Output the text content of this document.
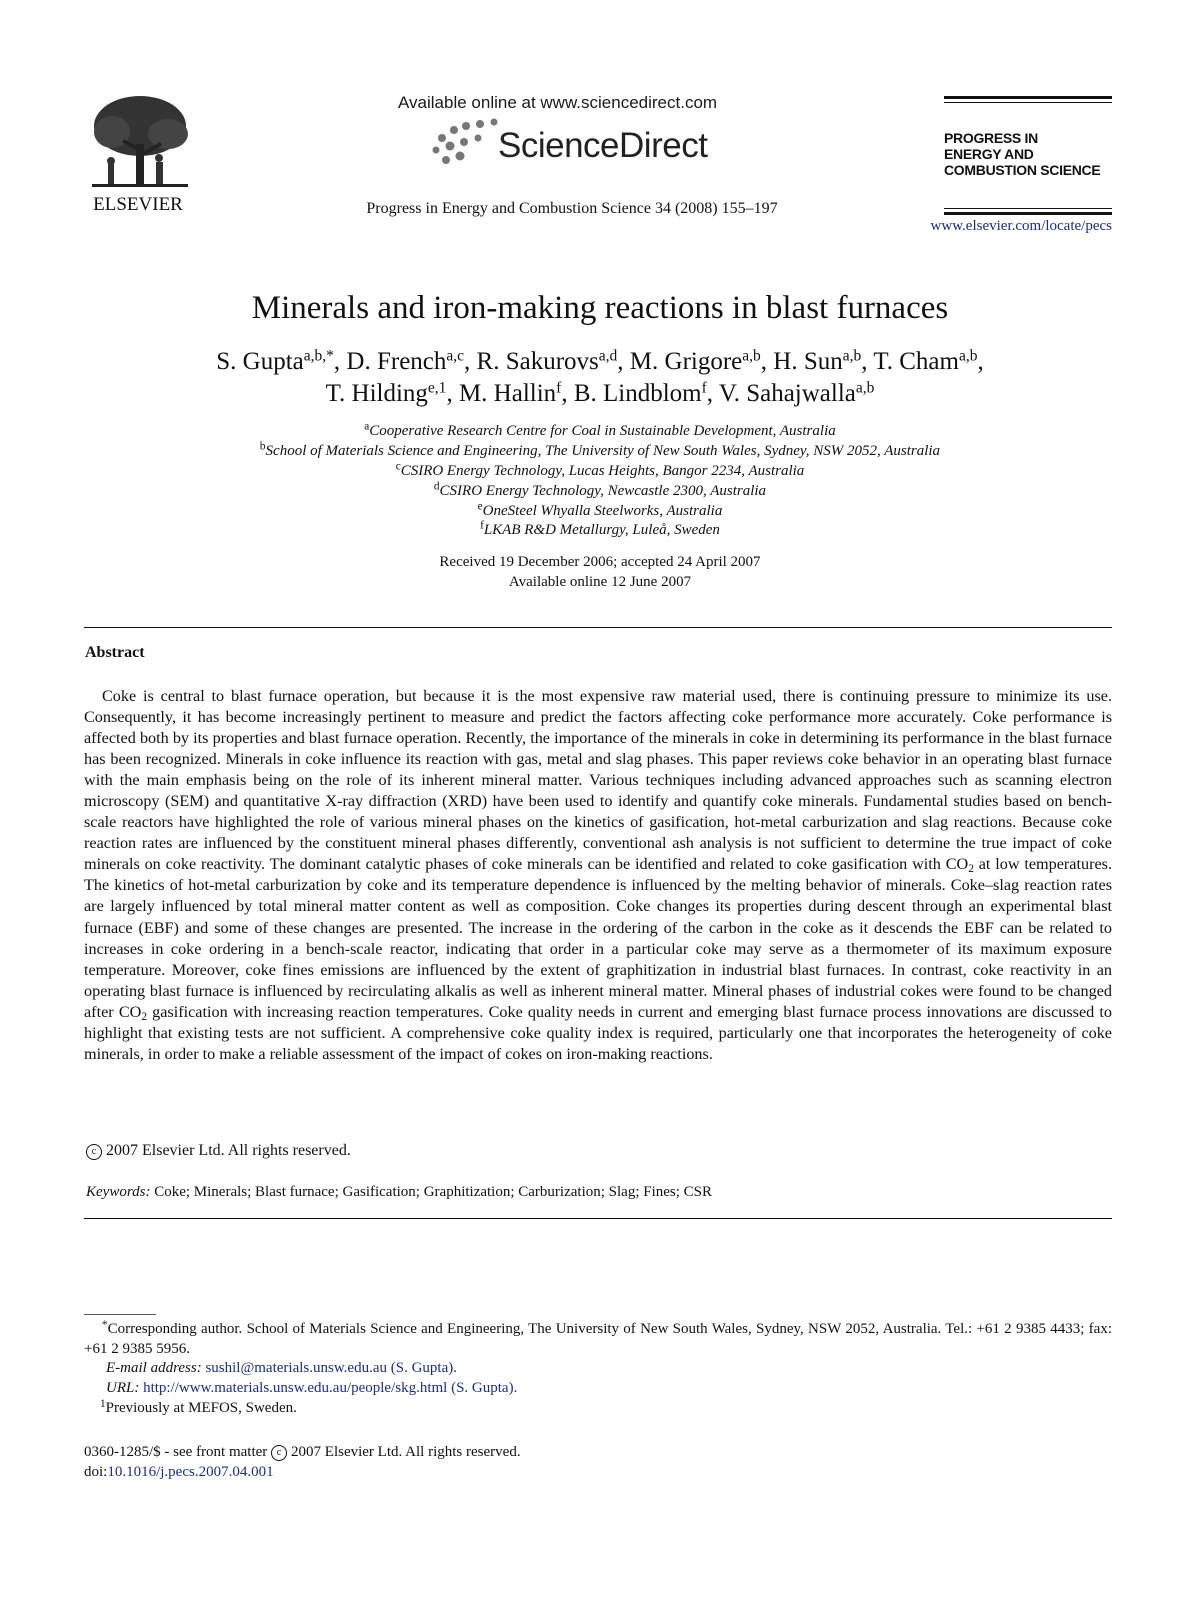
ELSEVIER
Available online at www.sciencedirect.com
ScienceDirect
Progress in Energy and Combustion Science 34 (2008) 155–197
PROGRESS IN
ENERGY AND
COMBUSTION SCIENCE
www.elsevier.com/locate/pecs
Minerals and iron-making reactions in blast furnaces
S. Gupta$^{a,b,*}$, D. French$^{a,c}$, R. Sakurovs$^{a,d}$, M. Grigore$^{a,b}$, H. Sun$^{a,b}$, T. Cham$^{a,b}$,
T. Hilding$^{e,1}$, M. Hallin$^f$, B. Lindblom$^f$, V. Sahajwalla$^{a,b}$
$^a$Cooperative Research Centre for Coal in Sustainable Development, Australia
$^b$School of Materials Science and Engineering, The University of New South Wales, Sydney, NSW 2052, Australia
$^c$CSIRO Energy Technology, Lucas Heights, Bangor 2234, Australia
$^d$CSIRO Energy Technology, Newcastle 2300, Australia
$^e$OneSteel Whyalla Steelworks, Australia
$^f$LKAB R&D Metallurgy, Luleå, Sweden
Received 19 December 2006; accepted 24 April 2007
Available online 12 June 2007
Abstract

Coke is central to blast furnace operation, but because it is the most expensive raw material used, there is continuing pressure to minimize its use. Consequently, it has become increasingly pertinent to measure and predict the factors affecting coke performance more accurately. Coke performance is affected both by its properties and blast furnace operation. Recently, the importance of the minerals in coke in determining its performance in the blast furnace has been recognized. Minerals in coke influence its reaction with gas, metal and slag phases. This paper reviews coke behavior in an operating blast furnace with the main emphasis being on the role of its inherent mineral matter. Various techniques including advanced approaches such as scanning electron microscopy (SEM) and quantitative X-ray diffraction (XRD) have been used to identify and quantify coke minerals. Fundamental studies based on bench-scale reactors have highlighted the role of various mineral phases on the kinetics of gasification, hot-metal carburization and slag reactions. Because coke reaction rates are influenced by the constituent mineral phases differently, conventional ash analysis is not sufficient to determine the true impact of coke minerals on coke reactivity. The dominant catalytic phases of coke minerals can be identified and related to coke gasification with $CO_2$ at low temperatures. The kinetics of hot-metal carburization by coke and its temperature dependence is influenced by the melting behavior of minerals. Coke–slag reaction rates are largely influenced by total mineral matter content as well as composition. Coke changes its properties during descent through an experimental blast furnace (EBF) and some of these changes are presented. The increase in the ordering of the carbon in the coke as it descends the EBF can be related to increases in coke ordering in a bench-scale reactor, indicating that order in a particular coke may serve as a thermometer of its maximum exposure temperature. Moreover, coke fines emissions are influenced by the extent of graphitization in industrial blast furnaces. In contrast, coke reactivity in an operating blast furnace is influenced by recirculating alkalis as well as inherent mineral matter. Mineral phases of industrial cokes were found to be changed after $CO_2$ gasification with increasing reaction temperatures. Coke quality needs in current and emerging blast furnace process innovations are discussed to highlight that existing tests are not sufficient. A comprehensive coke quality index is required, particularly one that incorporates the heterogeneity of coke minerals, in order to make a reliable assessment of the impact of cokes on iron-making reactions.

c 2007 Elsevier Ltd. All rights reserved.
Keywords: Coke; Minerals; Blast furnace; Gasification; Graphitization; Carburization; Slag; Fines; CSR

*Corresponding author. School of Materials Science and Engineering, The University of New South Wales, Sydney, NSW 2052, Australia. Tel.: +61 2 9385 4433; fax: +61 2 9385 5956.

E-mail address: sushil@materials.unsw.edu.au (S. Gupta).
URL: http://www.materials.unsw.edu.au/people/skg.html (S. Gupta).
$^1$Previously at MEFOS, Sweden.
0360-1285/$ - see front matter c 2007 Elsevier Ltd. All rights reserved.
doi:10.1016/j.pecs.2007.04.001
